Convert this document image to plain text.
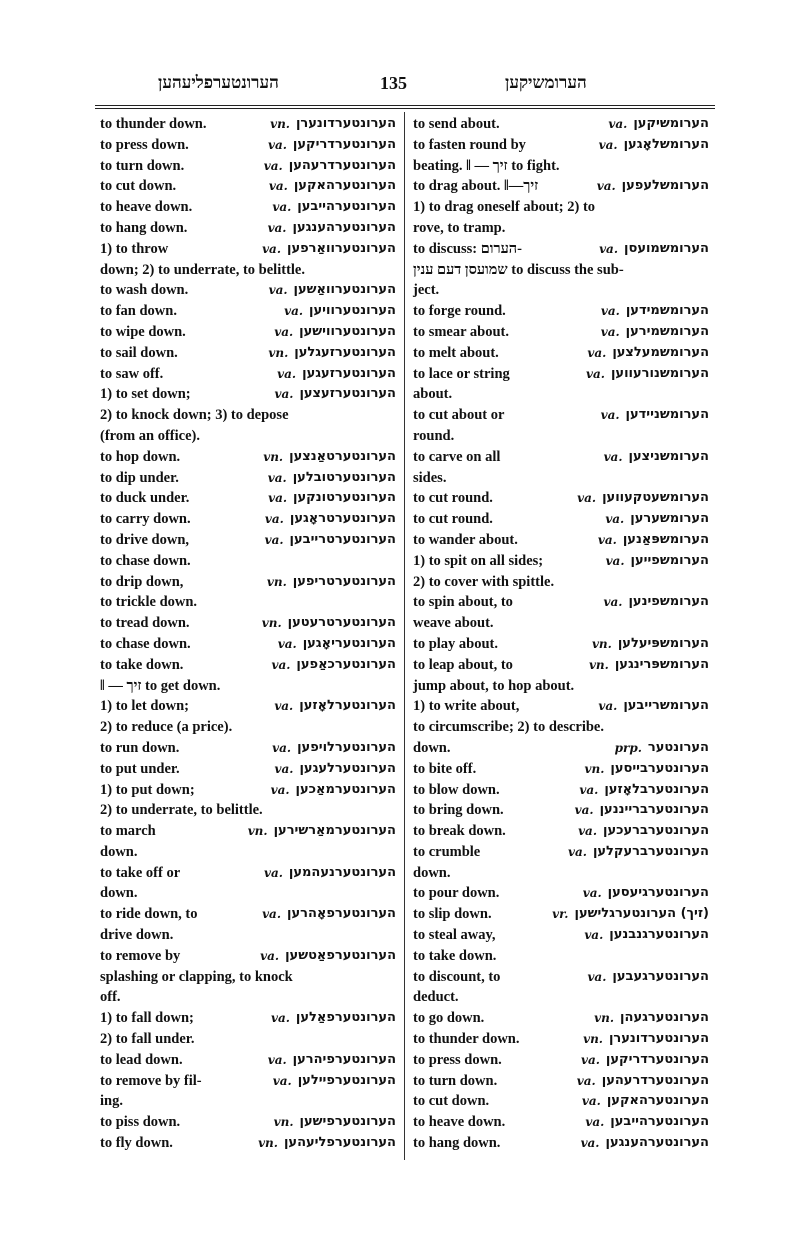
הערונטערפליעהען	135	הערומשיקען
to thunder down.	vn. הערונטערדונערן
to press down.	va. הערונטערדריקען
to turn down.	va. הערונטערדרעהען
to cut down.	va. הערונטערהאקען
to heave down.	va. הערונטערהייבען
to hang down.	va. הערונטערהענגען
1) to throw	va. הערונטערוואַרפען
down; 2) to underrate, to belittle.
to wash down.	va. הערונטערוואַשען
to fan down.	va. הערונטערוויען
to wipe down.	va. הערונטערווישען
to sail down.	vn. הערונטערזעגלען
to saw off.	va. הערונטערזעגען
1) to set down;	va. הערונטערזעצען
2) to knock down; 3) to depose
(from an office).
to hop down.	vn. הערונטערטאַנצען
to dip under.	va. הערונטערטובלען
to duck under.	va. הערונטערטונקען
to carry down.	va. הערונטערטראָגען
to drive down,	va. הערונטערטרייבען
to chase down.
to drip down,	vn. הערונטערטריפען
to trickle down.
to tread down.	vn. הערונטערטרעטען
to chase down.	va. הערונטעריאָגען
to take down.	va. הערונטערכאַפען
‖ — זיך to get down.
1) to let down;	va. הערונטערלאָזען
2) to reduce (a price).
to run down.	va. הערונטערלויפען
to put under.	va. הערונטערלעגען
1) to put down;	va. הערונטערמאַכען
2) to underrate, to belittle.
to march	vn. הערונטערמאַרשירען
down.
to take off or	va. הערונטערנעהמען
down.
to ride down, to	va. הערונטערפאָהרען
drive down.
to remove by	va. הערונטערפאַטשען
splashing or clapping, to knock
off.
1) to fall down;	va. הערונטערפאַלען
2) to fall under.
to lead down.	va. הערונטערפיהרען
to remove by fil-	va. הערונטערפיילען
ing.
to piss down.	vn. הערונטערפישען
to fly down.	vn. הערונטערפליעהען
to send about.	va. הערומשיקען
to fasten round by	va. הערומשלאָגען
beating. ‖ — זיך to fight.
to drag about. ‖—זיך	va. הערומשלעפען
1) to drag oneself about; 2) to
rove, to tramp.
to discuss: הערום-	va. הערומשמועסן
שמועסן דעם ענין to discuss the sub-
ject.
to forge round.	va. הערומשמידען
to smear about.	va. הערומשמירען
to melt about.	va. הערומשמעלצען
to lace or string	va. הערומשנורעווען
about.
to cut about or	va. הערומשניידען
round.
to carve on all	va. הערומשניצען
sides.
to cut round.	va. הערומשעטקעווען
to cut round.	va. הערומשערען
to wander about.	va. הערומשפּאַנען
1) to spit on all sides;	va. הערומשפייען
2) to cover with spittle.
to spin about, to	va. הערומשפינען
weave about.
to play about.	vn. הערומשפּיעלען
to leap about, to	vn. הערומשפּרינגען
jump about, to hop about.
1) to write about,	va. הערומשרייבען
to circumscribe; 2) to describe.
down.	prp. הערונטער
to bite off.	vn. הערונטערבייסען
to blow down.	va. הערונטערבלאָזען
to bring down.	va. הערונטערברייננען
to break down.	va. הערונטערברעכען
to crumble	va. הערונטערברעקלען
down.
to pour down.	va. הערונטערגיעסען
to slip down.	vr. (זיך) הערונטערגלישען
to steal away,	va. הערונטערגנבנען
to take down.
to discount, to	va. הערונטערגעבען
deduct.
to go down.	vn. הערונטערגעהן
to thunder down.	vn. הערונטערדונערן
to press down.	va. הערונטערדריקען
to turn down.	va. הערונטערדרעהען
to cut down.	va. הערונטערהאקען
to heave down.	va. הערונטערהייבען
to hang down.	va. הערונטערהענגען
